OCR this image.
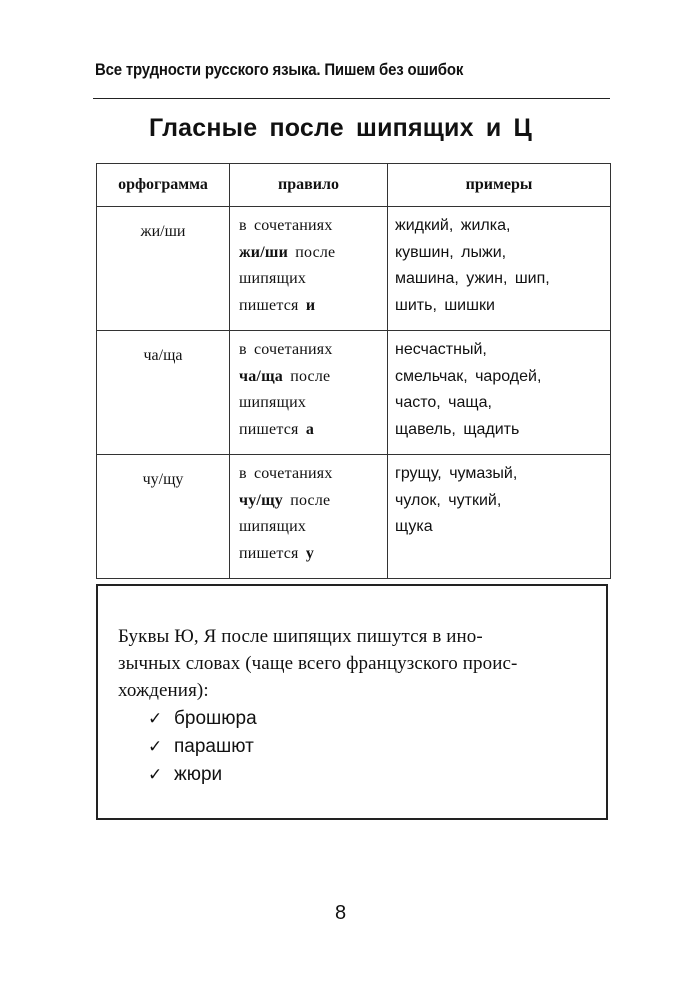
Все трудности русского языка. Пишем без ошибок
Гласные после шипящих и Ц
орфограмма	правило	примеры

жи/ши	в сочетаниях
жи/ши после
шипящих
пишется и	жидкий, жилка,
кувшин, лыжи,
машина, ужин, шип,
шить, шишки

ча/ща	в сочетаниях
ча/ща после
шипящих
пишется а	несчастный,
смельчак, чародей,
часто, чаща,
щавель, щадить

чу/щу	в сочетаниях
чу/щу после
шипящих
пишется у	грущу, чумазый,
чулок, чуткий,
щука
Буквы Ю, Я после шипящих пишутся в ино-
зычных словах (чаще всего французского проис-
хождения):
✓ брошюра
✓ парашют
✓ жюри
8
